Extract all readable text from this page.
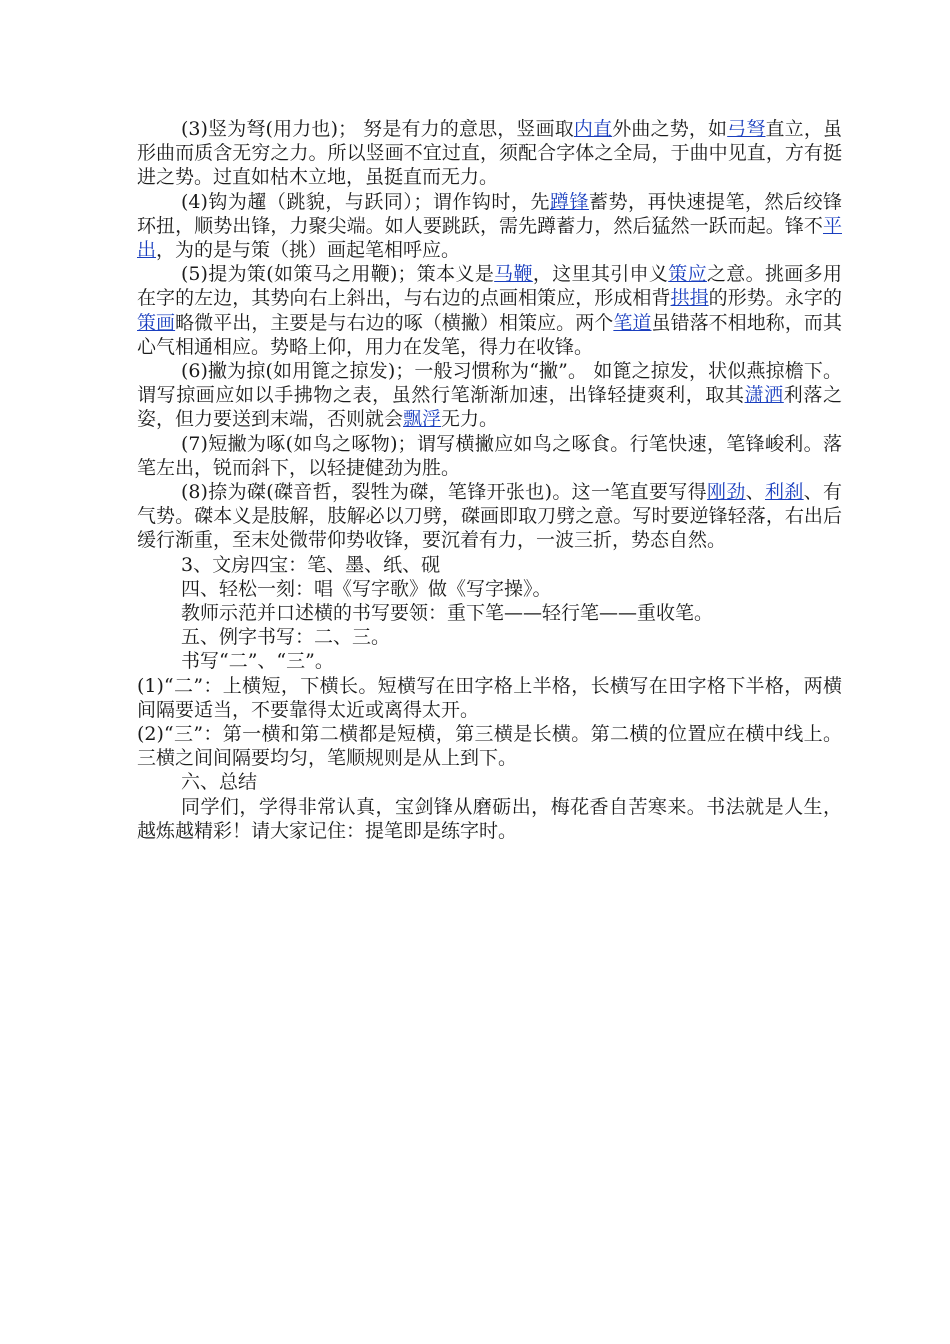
(3)竖为弩(用力也)； 努是有力的意思，竖画取内直外曲之势，如弓弩直立，虽形曲而质含无穷之力。所以竖画不宜过直，须配合字体之全局，于曲中见直，方有挺进之势。过直如枯木立地，虽挺直而无力。

(4)钩为趯（跳貌，与跃同）；谓作钩时，先蹲锋蓄势，再快速提笔，然后绞锋环扭，顺势出锋，力聚尖端。如人要跳跃，需先蹲蓄力，然后猛然一跃而起。锋不平出，为的是与策（挑）画起笔相呼应。

(5)提为策(如策马之用鞭)；策本义是马鞭，这里其引申义策应之意。挑画多用在字的左边，其势向右上斜出，与右边的点画相策应，形成相背拱揖的形势。永字的策画略微平出，主要是与右边的啄（横撇）相策应。两个笔道虽错落不相地称，而其心气相通相应。势略上仰，用力在发笔，得力在收锋。

(6)撇为掠(如用篦之掠发)；一般习惯称为“撇”。 如篦之掠发，状似燕掠檐下。谓写掠画应如以手拂物之表，虽然行笔渐渐加速，出锋轻捷爽利，取其潇洒利落之姿，但力要送到末端，否则就会飘浮无力。

(7)短撇为啄(如鸟之啄物)；谓写横撇应如鸟之啄食。行笔快速，笔锋峻利。落笔左出，锐而斜下，以轻捷健劲为胜。

(8)捺为磔(磔音哲，裂牲为磔，笔锋开张也)。这一笔直要写得刚劲、利刹、有气势。磔本义是肢解，肢解必以刀劈，磔画即取刀劈之意。写时要逆锋轻落，右出后缓行渐重，至末处微带仰势收锋，要沉着有力，一波三折，势态自然。

3、文房四宝：笔、墨、纸、砚

四、轻松一刻：唱《写字歌》做《写字操》。

教师示范并口述横的书写要领：重下笔——轻行笔——重收笔。

五、例字书写：二、三。

书写“二”、“三”。

(1)“二”：上横短，下横长。短横写在田字格上半格，长横写在田字格下半格，两横间隔要适当，不要靠得太近或离得太开。

(2)“三”：第一横和第二横都是短横，第三横是长横。第二横的位置应在横中线上。三横之间间隔要均匀，笔顺规则是从上到下。

六、总结

同学们，学得非常认真，宝剑锋从磨砺出，梅花香自苦寒来。书法就是人生，越炼越精彩！请大家记住：提笔即是练字时。
